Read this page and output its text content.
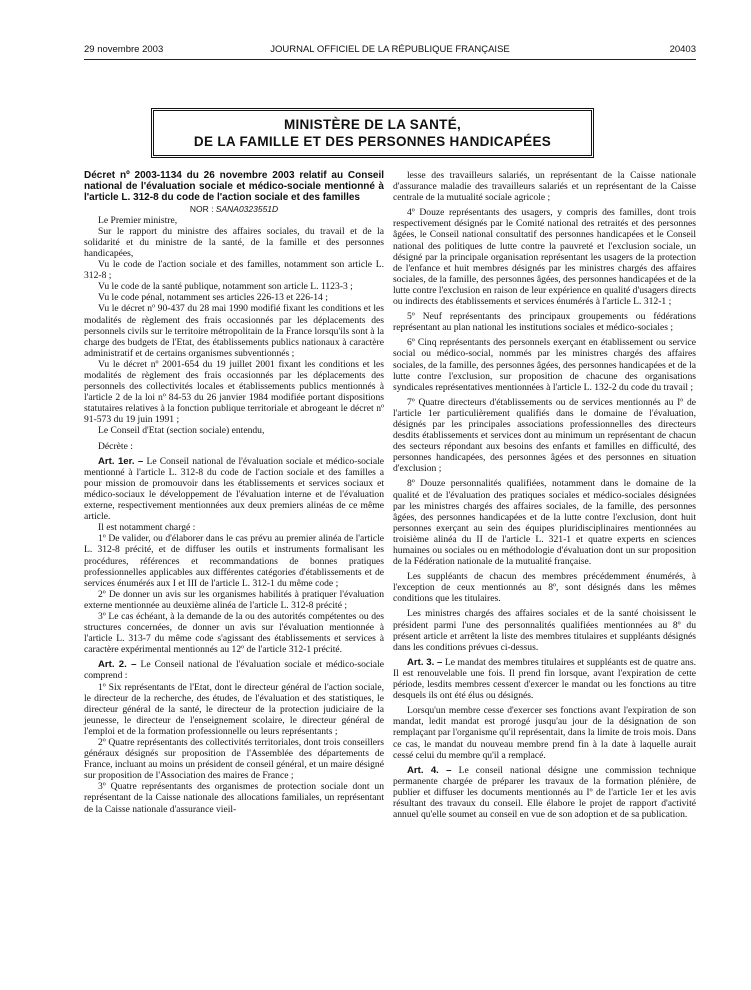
29 novembre 2003	JOURNAL OFFICIEL DE LA RÉPUBLIQUE FRANÇAISE	20403
MINISTÈRE DE LA SANTÉ,
DE LA FAMILLE ET DES PERSONNES HANDICAPÉES

Décret nº 2003-1134 du 26 novembre 2003 relatif au Conseil national de l'évaluation sociale et médico-sociale mentionné à l'article L. 312-8 du code de l'action sociale et des familles

NOR : SANA0323551D

Le Premier ministre,

Sur le rapport du ministre des affaires sociales, du travail et de la solidarité et du ministre de la santé, de la famille et des personnes handicapées,

Vu le code de l'action sociale et des familles, notamment son article L. 312-8 ;

Vu le code de la santé publique, notamment son article L. 1123-3 ;

Vu le code pénal, notamment ses articles 226-13 et 226-14 ;

Vu le décret nº 90-437 du 28 mai 1990 modifié fixant les conditions et les modalités de règlement des frais occasionnés par les déplacements des personnels civils sur le territoire métropolitain de la France lorsqu'ils sont à la charge des budgets de l'Etat, des établissements publics nationaux à caractère administratif et de certains organismes subventionnés ;

Vu le décret nº 2001-654 du 19 juillet 2001 fixant les conditions et les modalités de règlement des frais occasionnés par les déplacements des personnels des collectivités locales et établissements publics mentionnés à l'article 2 de la loi nº 84-53 du 26 janvier 1984 modifiée portant dispositions statutaires relatives à la fonction publique territoriale et abrogeant le décret nº 91-573 du 19 juin 1991 ;

Le Conseil d'Etat (section sociale) entendu,

Décrète :

Art. 1er. – Le Conseil national de l'évaluation sociale et médico-sociale mentionné à l'article L. 312-8 du code de l'action sociale et des familles a pour mission de promouvoir dans les établissements et services sociaux et médico-sociaux le développement de l'évaluation interne et de l'évaluation externe, respectivement mentionnées aux deux premiers alinéas de ce même article.

Il est notamment chargé :

1º De valider, ou d'élaborer dans le cas prévu au premier alinéa de l'article L. 312-8 précité, et de diffuser les outils et instruments formalisant les procédures, références et recommandations de bonnes pratiques professionnelles applicables aux différentes catégories d'établissements et de services énumérés aux I et III de l'article L. 312-1 du même code ;

2º De donner un avis sur les organismes habilités à pratiquer l'évaluation externe mentionnée au deuxième alinéa de l'article L. 312-8 précité ;

3º Le cas échéant, à la demande de la ou des autorités compétentes ou des structures concernées, de donner un avis sur l'évaluation mentionnée à l'article L. 313-7 du même code s'agissant des établissements et services à caractère expérimental mentionnés au 12º de l'article 312-1 précité.

Art. 2. – Le Conseil national de l'évaluation sociale et médico-sociale comprend :

1º Six représentants de l'Etat, dont le directeur général de l'action sociale, le directeur de la recherche, des études, de l'évaluation et des statistiques, le directeur général de la santé, le directeur de la protection judiciaire de la jeunesse, le directeur de l'enseignement scolaire, le directeur général de l'emploi et de la formation professionnelle ou leurs représentants ;

2º Quatre représentants des collectivités territoriales, dont trois conseillers généraux désignés sur proposition de l'Assemblée des départements de France, incluant au moins un président de conseil général, et un maire désigné sur proposition de l'Association des maires de France ;

3º Quatre représentants des organismes de protection sociale dont un représentant de la Caisse nationale des allocations familiales, un représentant de la Caisse nationale d'assurance vieil-

lesse des travailleurs salariés, un représentant de la Caisse nationale d'assurance maladie des travailleurs salariés et un représentant de la Caisse centrale de la mutualité sociale agricole ;

4º Douze représentants des usagers, y compris des familles, dont trois respectivement désignés par le Comité national des retraités et des personnes âgées, le Conseil national consultatif des personnes handicapées et le Conseil national des politiques de lutte contre la pauvreté et l'exclusion sociale, un désigné par la principale organisation représentant les usagers de la protection de l'enfance et huit membres désignés par les ministres chargés des affaires sociales, de la famille, des personnes âgées, des personnes handicapées et de la lutte contre l'exclusion en raison de leur expérience en qualité d'usagers directs ou indirects des établissements et services énumérés à l'article L. 312-1 ;

5º Neuf représentants des principaux groupements ou fédérations représentant au plan national les institutions sociales et médico-sociales ;

6º Cinq représentants des personnels exerçant en établissement ou service social ou médico-social, nommés par les ministres chargés des affaires sociales, de la famille, des personnes âgées, des personnes handicapées et de la lutte contre l'exclusion, sur proposition de chacune des organisations syndicales représentatives mentionnées à l'article L. 132-2 du code du travail ;

7º Quatre directeurs d'établissements ou de services mentionnés au Iº de l'article 1er particulièrement qualifiés dans le domaine de l'évaluation, désignés par les principales associations professionnelles des directeurs desdits établissements et services dont au minimum un représentant de chacun des secteurs répondant aux besoins des enfants et familles en difficulté, des personnes handicapées, des personnes âgées et des personnes en situation d'exclusion ;

8º Douze personnalités qualifiées, notamment dans le domaine de la qualité et de l'évaluation des pratiques sociales et médico-sociales désignées par les ministres chargés des affaires sociales, de la famille, des personnes âgées, des personnes handicapées et de la lutte contre l'exclusion, dont huit personnes exerçant au sein des équipes pluridisciplinaires mentionnées au troisième alinéa du II de l'article L. 321-1 et quatre experts en sciences humaines ou sociales ou en méthodologie d'évaluation dont un sur proposition de la Fédération nationale de la mutualité française.

Les suppléants de chacun des membres précédemment énumérés, à l'exception de ceux mentionnés au 8º, sont désignés dans les mêmes conditions que les titulaires.

Les ministres chargés des affaires sociales et de la santé choisissent le président parmi l'une des personnalités qualifiées mentionnées au 8º du présent article et arrêtent la liste des membres titulaires et suppléants désignés dans les conditions prévues ci-dessus.

Art. 3. – Le mandat des membres titulaires et suppléants est de quatre ans. Il est renouvelable une fois. Il prend fin lorsque, avant l'expiration de cette période, lesdits membres cessent d'exercer le mandat ou les fonctions au titre desquels ils ont été élus ou désignés.

Lorsqu'un membre cesse d'exercer ses fonctions avant l'expiration de son mandat, ledit mandat est prorogé jusqu'au jour de la désignation de son remplaçant par l'organisme qu'il représentait, dans la limite de trois mois. Dans ce cas, le mandat du nouveau membre prend fin à la date à laquelle aurait cessé celui du membre qu'il a remplacé.

Art. 4. – Le conseil national désigne une commission technique permanente chargée de préparer les travaux de la formation plénière, de publier et diffuser les documents mentionnés au Iº de l'article 1er et les avis résultant des travaux du conseil. Elle élabore le projet de rapport d'activité annuel qu'elle soumet au conseil en vue de son adoption et de sa publication.
